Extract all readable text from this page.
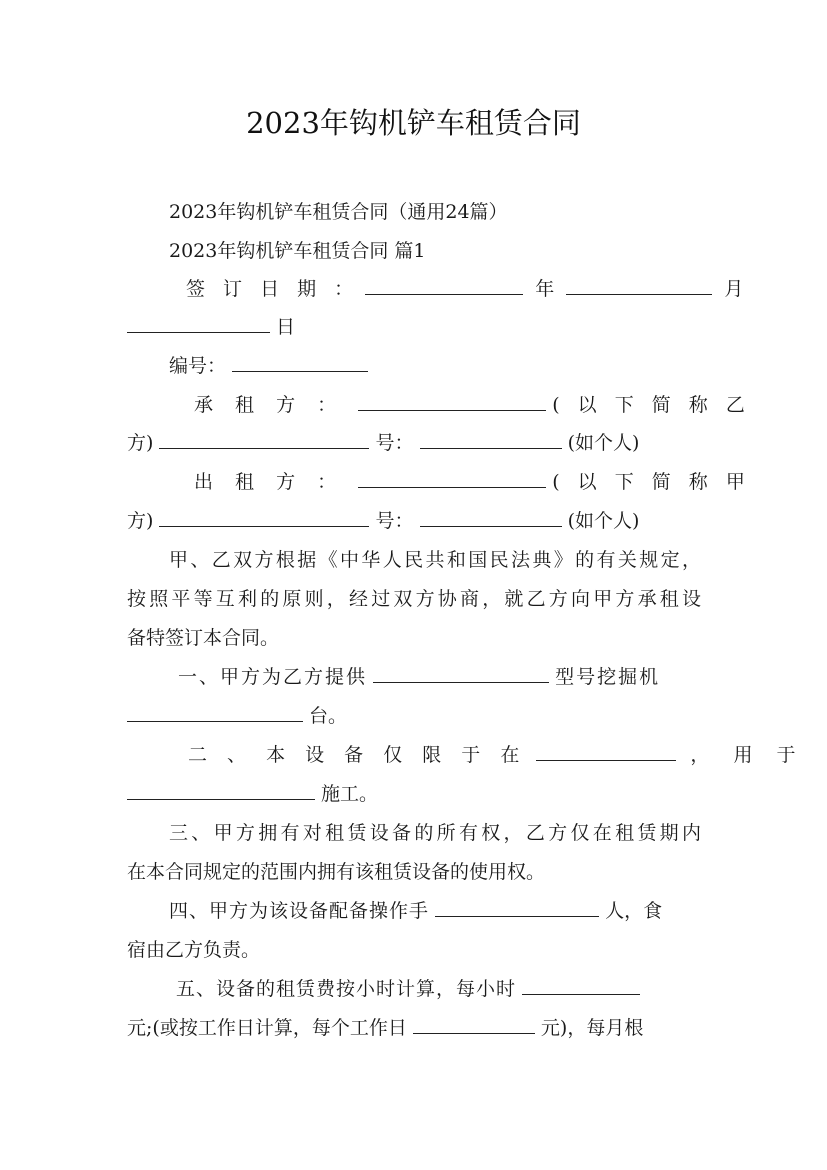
2023年钩机铲车租赁合同
2023年钩机铲车租赁合同（通用24篇）
2023年钩机铲车租赁合同 篇1
签 订 日 期 ：	年	月
日
编号：
承 租 方 ：	( 以 下 简 称 乙
方)	号：	(如个人)
出 租 方 ：	( 以 下 简 称 甲
方)	号：	(如个人)
甲、乙双方根据《中华人民共和国民法典》的有关规定，
按照平等互利的原则，经过双方协商，就乙方向甲方承租设
备特签订本合同。
一、甲方为乙方提供	型号挖掘机
台。
二 、 本 设 备 仅 限 于 在	， 用 于
施工。
三、甲方拥有对租赁设备的所有权，乙方仅在租赁期内
在本合同规定的范围内拥有该租赁设备的使用权。
四、甲方为该设备配备操作手	人，食
宿由乙方负责。
五、设备的租赁费按小时计算，每小时
元;(或按工作日计算，每个工作日	元)，每月根
